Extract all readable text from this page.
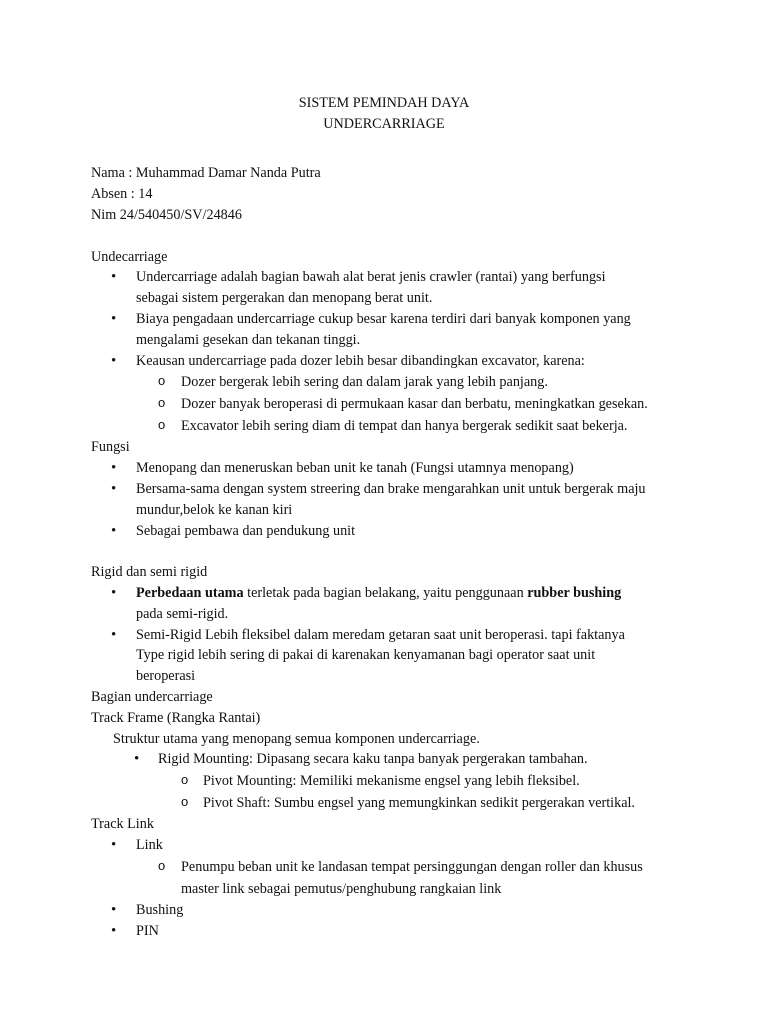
SISTEM PEMINDAH DAYA
UNDERCARRIAGE
Nama : Muhammad Damar Nanda Putra
Absen : 14
Nim 24/540450/SV/24846
Undecarriage
• Undercarriage adalah bagian bawah alat berat jenis crawler (rantai) yang berfungsi
sebagai sistem pergerakan dan menopang berat unit.
• Biaya pengadaan undercarriage cukup besar karena terdiri dari banyak komponen yang
mengalami gesekan dan tekanan tinggi.
• Keausan undercarriage pada dozer lebih besar dibandingkan excavator, karena:
o Dozer bergerak lebih sering dan dalam jarak yang lebih panjang.
o Dozer banyak beroperasi di permukaan kasar dan berbatu, meningkatkan gesekan.
o Excavator lebih sering diam di tempat dan hanya bergerak sedikit saat bekerja.
Fungsi
• Menopang dan meneruskan beban unit ke tanah (Fungsi utamnya menopang)
• Bersama-sama dengan system streering dan brake mengarahkan unit untuk bergerak maju
mundur,belok ke kanan kiri
• Sebagai pembawa dan pendukung unit
Rigid dan semi rigid
• Perbedaan utama terletak pada bagian belakang, yaitu penggunaan rubber bushing
pada semi-rigid.
• Semi-Rigid Lebih fleksibel dalam meredam getaran saat unit beroperasi. tapi faktanya
Type rigid lebih sering di pakai di karenakan kenyamanan bagi operator saat unit
beroperasi
Bagian undercarriage
Track Frame (Rangka Rantai)
Struktur utama yang menopang semua komponen undercarriage.
• Rigid Mounting: Dipasang secara kaku tanpa banyak pergerakan tambahan.
o Pivot Mounting: Memiliki mekanisme engsel yang lebih fleksibel.
o Pivot Shaft: Sumbu engsel yang memungkinkan sedikit pergerakan vertikal.
Track Link
• Link
o Penumpu beban unit ke landasan tempat persinggungan dengan roller dan khusus
master link sebagai pemutus/penghubung rangkaian link
• Bushing
• PIN
